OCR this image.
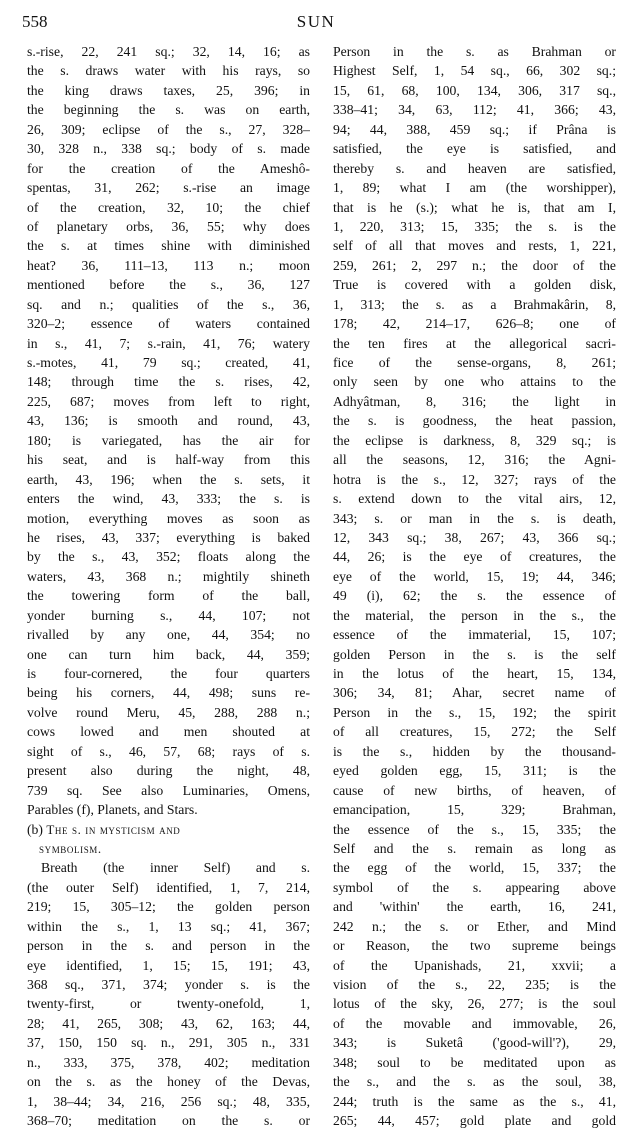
558	SUN
s.-rise, 22, 241 sq.; 32, 14, 16; as
the s. draws water with his rays, so
the king draws taxes, 25, 396; in
the beginning the s. was on earth,
26, 309; eclipse of the s., 27, 328–
30, 328 n., 338 sq.; body of s. made
for the creation of the Ameshô-
spentas, 31, 262; s.-rise an image
of the creation, 32, 10; the chief
of planetary orbs, 36, 55; why does
the s. at times shine with diminished
heat? 36, 111–13, 113 n.; moon
mentioned before the s., 36, 127
sq. and n.; qualities of the s., 36,
320–2; essence of waters contained
in s., 41, 7; s.-rain, 41, 76; watery
s.-motes, 41, 79 sq.; created, 41,
148; through time the s. rises, 42,
225, 687; moves from left to right,
43, 136; is smooth and round, 43,
180; is variegated, has the air for
his seat, and is half-way from this
earth, 43, 196; when the s. sets, it
enters the wind, 43, 333; the s. is
motion, everything moves as soon as
he rises, 43, 337; everything is baked
by the s., 43, 352; floats along the
waters, 43, 368 n.; mightily shineth
the towering form of the ball,
yonder burning s., 44, 107; not
rivalled by any one, 44, 354; no
one can turn him back, 44, 359;
is four-cornered, the four quarters
being his corners, 44, 498; suns re-
volve round Meru, 45, 288, 288 n.;
cows lowed and men shouted at
sight of s., 46, 57, 68; rays of s.
present also during the night, 48,
739 sq. See also Luminaries, Omens,
Parables (f), Planets, and Stars.
(b) The s. in mysticism and
symbolism.
Breath (the inner Self) and s.
(the outer Self) identified, 1, 7, 214,
219; 15, 305–12; the golden person
within the s., 1, 13 sq.; 41, 367;
person in the s. and person in the
eye identified, 1, 15; 15, 191; 43,
368 sq., 371, 374; yonder s. is the
twenty-first, or twenty-onefold, 1,
28; 41, 265, 308; 43, 62, 163; 44,
37, 150, 150 sq. n., 291, 305 n., 331
n., 333, 375, 378, 402; meditation
on the s. as the honey of the Devas,
1, 38–44; 34, 216, 256 sq.; 48, 335,
368–70; meditation on the s. or
Person in the s. as Brahman or
Highest Self, 1, 54 sq., 66, 302 sq.;
15, 61, 68, 100, 134, 306, 317 sq.,
338–41; 34, 63, 112; 41, 366; 43,
94; 44, 388, 459 sq.; if Prâna is
satisfied, the eye is satisfied, and
thereby s. and heaven are satisfied,
1, 89; what I am (the worshipper),
that is he (s.); what he is, that am I,
1, 220, 313; 15, 335; the s. is the
self of all that moves and rests, 1, 221,
259, 261; 2, 297 n.; the door of the
True is covered with a golden disk,
1, 313; the s. as a Brahmakârin, 8,
178; 42, 214–17, 626–8; one of
the ten fires at the allegorical sacri-
fice of the sense-organs, 8, 261;
only seen by one who attains to the
Adhyâtman, 8, 316; the light in
the s. is goodness, the heat passion,
the eclipse is darkness, 8, 329 sq.; is
all the seasons, 12, 316; the Agni-
hotra is the s., 12, 327; rays of the
s. extend down to the vital airs, 12,
343; s. or man in the s. is death,
12, 343 sq.; 38, 267; 43, 366 sq.;
44, 26; is the eye of creatures, the
eye of the world, 15, 19; 44, 346;
49 (i), 62; the s. the essence of
the material, the person in the s., the
essence of the immaterial, 15, 107;
golden Person in the s. is the self
in the lotus of the heart, 15, 134,
306; 34, 81; Ahar, secret name of
Person in the s., 15, 192; the spirit
of all creatures, 15, 272; the Self
is the s., hidden by the thousand-
eyed golden egg, 15, 311; is the
cause of new births, of heaven, of
emancipation, 15, 329; Brahman,
the essence of the s., 15, 335; the
Self and the s. remain as long as
the egg of the world, 15, 337; the
symbol of the s. appearing above
and 'within' the earth, 16, 241,
242 n.; the s. or Ether, and Mind
or Reason, the two supreme beings
of the Upanishads, 21, xxvii; a
vision of the s., 22, 235; is the
lotus of the sky, 26, 277; is the soul
of the movable and immovable, 26,
343; is Suketâ ('good-will'?), 29,
348; soul to be meditated upon as
the s., and the s. as the soul, 38,
244; truth is the same as the s., 41,
265; 44, 457; gold plate and gold
